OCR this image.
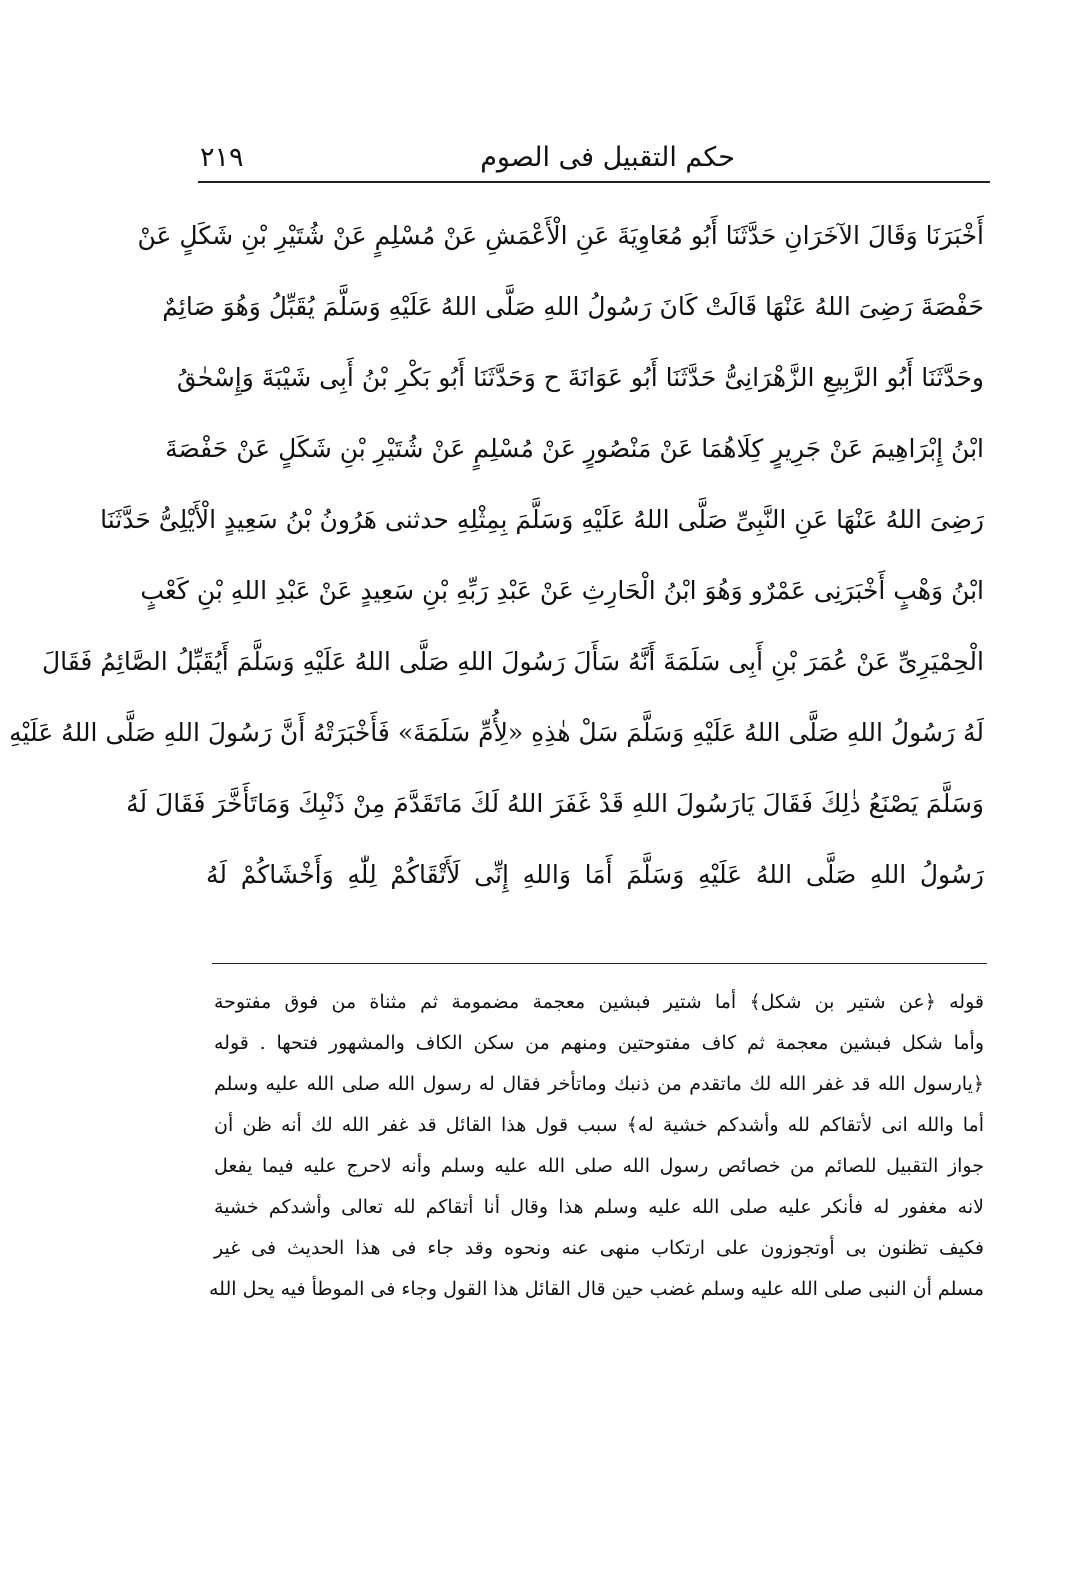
حكم التقبيل فى الصوم
٢١٩
أَخْبَرَنَا وَقَالَ الآخَرَانِ حَدَّثَنَا أَبُو مُعَاوِيَةَ عَنِ الْأَعْمَشِ عَنْ مُسْلِمٍ عَنْ شُتَيْرِ بْنِ شَكَلٍ عَنْ
حَفْصَةَ رَضِىَ اللهُ عَنْهَا قَالَتْ كَانَ رَسُولُ اللهِ صَلَّى اللهُ عَلَيْهِ وَسَلَّمَ يُقَبِّلُ وَهُوَ صَائِمٌ
وحَدَّثَنَا أَبُو الرَّبِيعِ الزَّهْرَانِىُّ حَدَّثَنَا أَبُو عَوَانَةَ ح وَحَدَّثَنَا أَبُو بَكْرِ بْنُ أَبِى شَيْبَةَ وَإِسْحٰقُ
ابْنُ إِبْرَاهِيمَ عَنْ جَرِيرٍ كِلَاهُمَا عَنْ مَنْصُورٍ عَنْ مُسْلِمٍ عَنْ شُتَيْرِ بْنِ شَكَلٍ عَنْ حَفْصَةَ
رَضِىَ اللهُ عَنْهَا عَنِ النَّبِىِّ صَلَّى اللهُ عَلَيْهِ وَسَلَّمَ بِمِثْلِهِ حدثنى هَرُونُ بْنُ سَعِيدٍ الْأَيْلِىُّ حَدَّثَنَا
ابْنُ وَهْبٍ أَخْبَرَنِى عَمْرٌو وَهُوَ ابْنُ الْحَارِثِ عَنْ عَبْدِ رَبِّهِ بْنِ سَعِيدٍ عَنْ عَبْدِ اللهِ بْنِ كَعْبٍ
الْحِمْيَرِىِّ عَنْ عُمَرَ بْنِ أَبِى سَلَمَةَ أَنَّهُ سَأَلَ رَسُولَ اللهِ صَلَّى اللهُ عَلَيْهِ وَسَلَّمَ أَيُقَبِّلُ الصَّائِمُ فَقَالَ
لَهُ رَسُولُ اللهِ صَلَّى اللهُ عَلَيْهِ وَسَلَّمَ سَلْ هٰذِهِ «لِأُمِّ سَلَمَةَ» فَأَخْبَرَتْهُ أَنَّ رَسُولَ اللهِ صَلَّى اللهُ عَلَيْهِ
وَسَلَّمَ يَصْنَعُ ذٰلِكَ فَقَالَ يَارَسُولَ اللهِ قَدْ غَفَرَ اللهُ لَكَ مَاتَقَدَّمَ مِنْ ذَنْبِكَ وَمَاتَأَخَّرَ فَقَالَ لَهُ
رَسُولُ اللهِ صَلَّى اللهُ عَلَيْهِ وَسَلَّمَ أَمَا وَاللهِ إِنِّى لَأَتْقَاكُمْ لِلّٰهِ وَأَخْشَاكُمْ لَهُ
قوله ﴿عن شتير بن شكل﴾ أما شتير فبشين معجمة مضمومة ثم مثناة من فوق مفتوحة
وأما شكل فبشين معجمة ثم كاف مفتوحتين ومنهم من سكن الكاف والمشهور فتحها . قوله
﴿يارسول الله قد غفر الله لك ماتقدم من ذنبك وماتأخر فقال له رسول الله صلى الله عليه وسلم
أما والله انى لأتقاكم لله وأشدكم خشية له﴾ سبب قول هذا القائل قد غفر الله لك أنه ظن أن
جواز التقبيل للصائم من خصائص رسول الله صلى الله عليه وسلم وأنه لاحرج عليه فيما يفعل
لانه مغفور له فأنكر عليه صلى الله عليه وسلم هذا وقال أنا أتقاكم لله تعالى وأشدكم خشية
فكيف تظنون بى أوتجوزون على ارتكاب منهى عنه ونحوه وقد جاء فى هذا الحديث فى غير
مسلم أن النبى صلى الله عليه وسلم غضب حين قال القائل هذا القول وجاء فى الموطأ فيه يحل الله
